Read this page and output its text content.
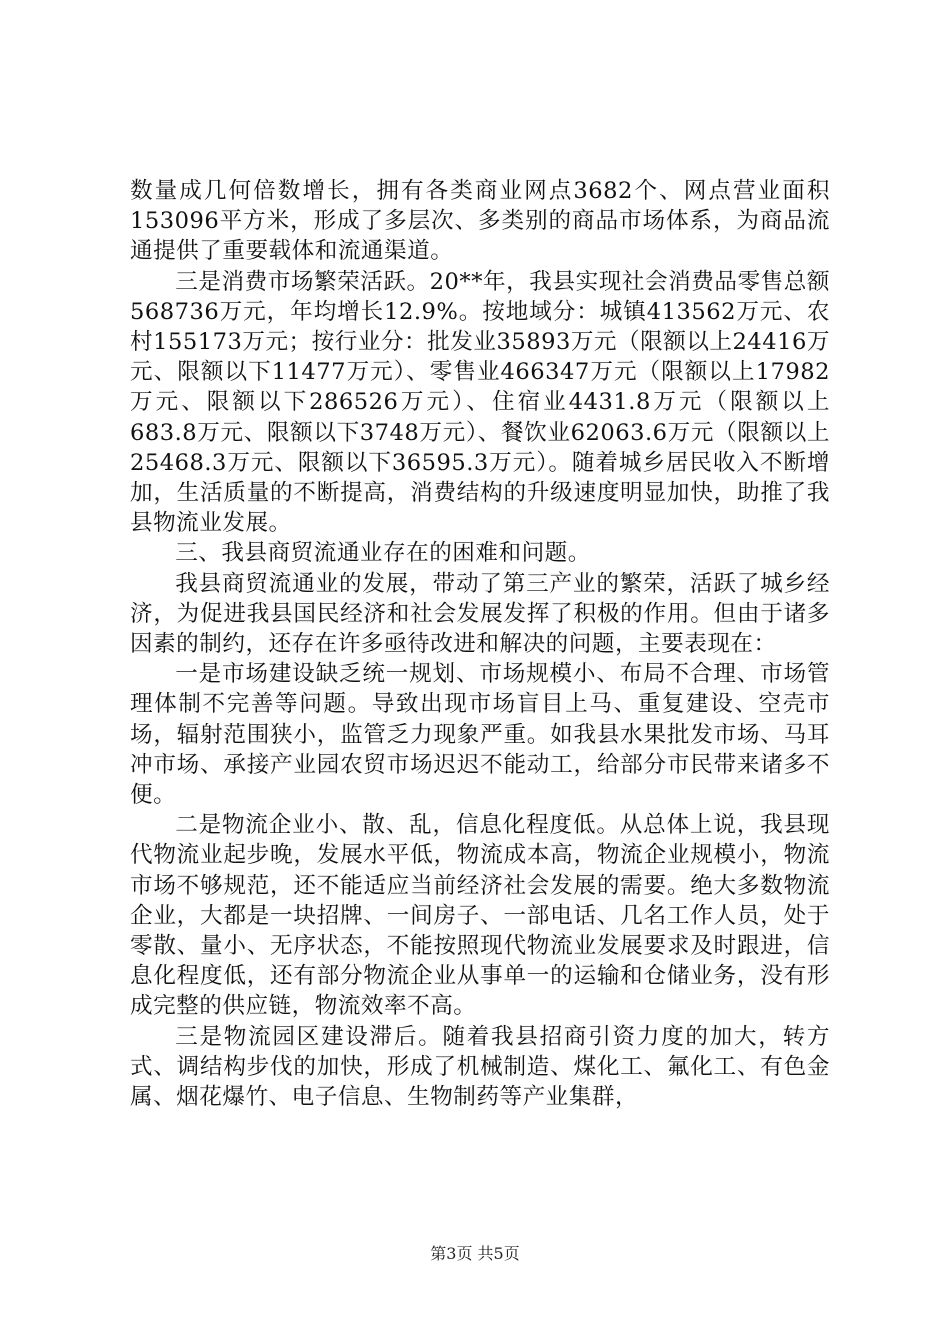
数量成几何倍数增长，拥有各类商业网点3682个、网点营业面积153096平方米，形成了多层次、多类别的商品市场体系，为商品流通提供了重要载体和流通渠道。

三是消费市场繁荣活跃。20**年，我县实现社会消费品零售总额568736万元，年均增长12.9%。按地域分：城镇413562万元、农村155173万元；按行业分：批发业35893万元（限额以上24416万元、限额以下11477万元）、零售业466347万元（限额以上17982万元、限额以下286526万元）、住宿业4431.8万元（限额以上683.8万元、限额以下3748万元）、餐饮业62063.6万元（限额以上25468.3万元、限额以下36595.3万元）。随着城乡居民收入不断增加，生活质量的不断提高，消费结构的升级速度明显加快，助推了我县物流业发展。

三、我县商贸流通业存在的困难和问题。

我县商贸流通业的发展，带动了第三产业的繁荣，活跃了城乡经济，为促进我县国民经济和社会发展发挥了积极的作用。但由于诸多因素的制约，还存在许多亟待改进和解决的问题，主要表现在：

一是市场建设缺乏统一规划、市场规模小、布局不合理、市场管理体制不完善等问题。导致出现市场盲目上马、重复建设、空壳市场，辐射范围狭小，监管乏力现象严重。如我县水果批发市场、马耳冲市场、承接产业园农贸市场迟迟不能动工，给部分市民带来诸多不便。

二是物流企业小、散、乱，信息化程度低。从总体上说，我县现代物流业起步晚，发展水平低，物流成本高，物流企业规模小，物流市场不够规范，还不能适应当前经济社会发展的需要。绝大多数物流企业，大都是一块招牌、一间房子、一部电话、几名工作人员，处于零散、量小、无序状态，不能按照现代物流业发展要求及时跟进，信息化程度低，还有部分物流企业从事单一的运输和仓储业务，没有形成完整的供应链，物流效率不高。

三是物流园区建设滞后。随着我县招商引资力度的加大，转方式、调结构步伐的加快，形成了机械制造、煤化工、氟化工、有色金属、烟花爆竹、电子信息、生物制药等产业集群，

第3页 共5页
